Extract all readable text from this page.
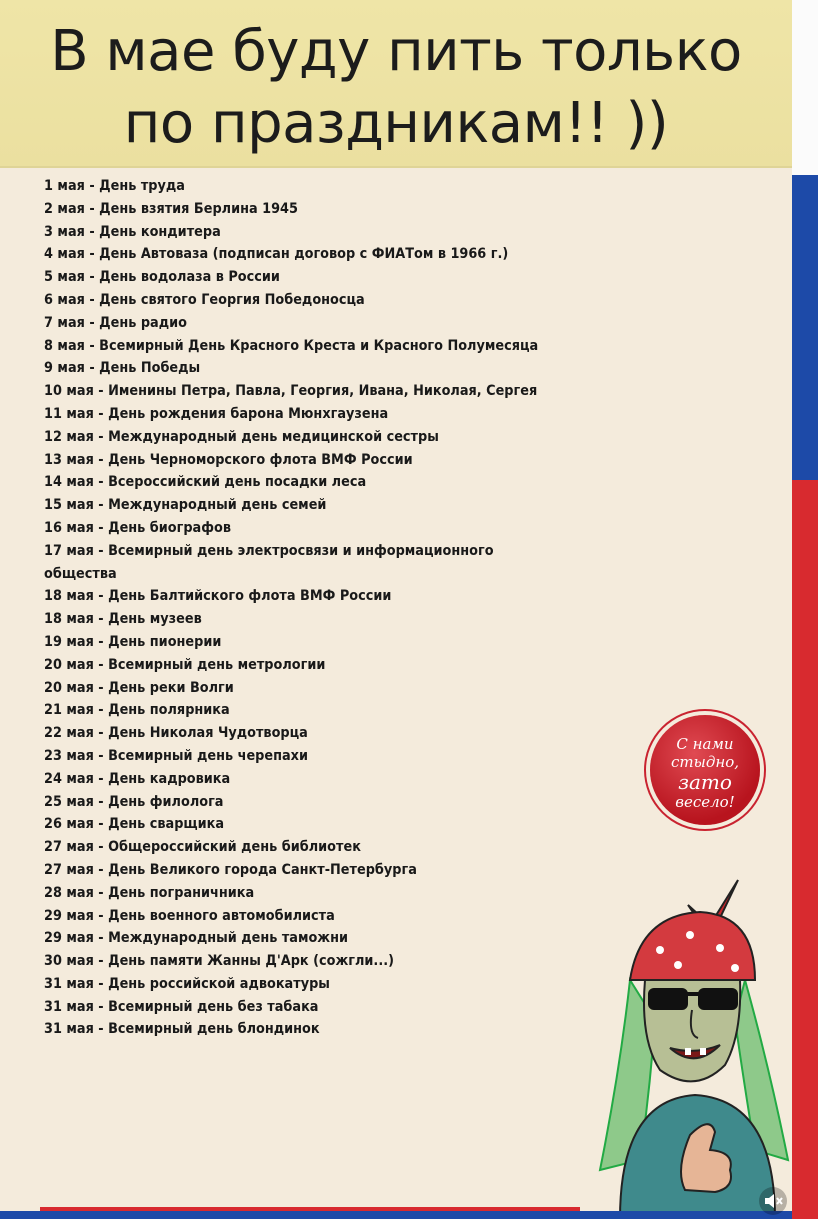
В мае буду пить только
по праздникам!! ))
1 мая - День труда
2 мая - День взятия Берлина 1945
3 мая - День кондитера
4 мая - День Автоваза (подписан договор с ФИАТом в 1966 г.)
5 мая - День водолаза в России
6 мая - День святого Георгия Победоносца
7 мая - День радио
8 мая - Всемирный День Красного Креста и Красного Полумесяца
9 мая - День Победы
10 мая - Именины Петра, Павла, Георгия, Ивана, Николая, Сергея
11 мая - День рождения барона Мюнхгаузена
12 мая - Международный день медицинской сестры
13 мая - День Черноморского флота ВМФ России
14 мая - Всероссийский день посадки леса
15 мая - Международный день семей
16 мая - День биографов
17 мая - Всемирный день электросвязи и информационного
общества
18 мая - День Балтийского флота ВМФ России
18 мая - День музеев
19 мая - День пионерии
20 мая - Всемирный день метрологии
20 мая - День реки Волги
21 мая - День полярника
22 мая - День Николая Чудотворца
23 мая - Всемирный день черепахи
24 мая - День кадровика
25 мая - День филолога
26 мая - День сварщика
27 мая - Общероссийский день библиотек
27 мая - День Великого города Санкт-Петербурга
28 мая - День пограничника
29 мая - День военного автомобилиста
29 мая - Международный день таможни
30 мая - День памяти Жанны Д'Арк (сожгли...)
31 мая - День российской адвокатуры
31 мая - Всемирный день без табака
31 мая - Всемирный день блондинок
С нами
стыдно,
зато
весело!
